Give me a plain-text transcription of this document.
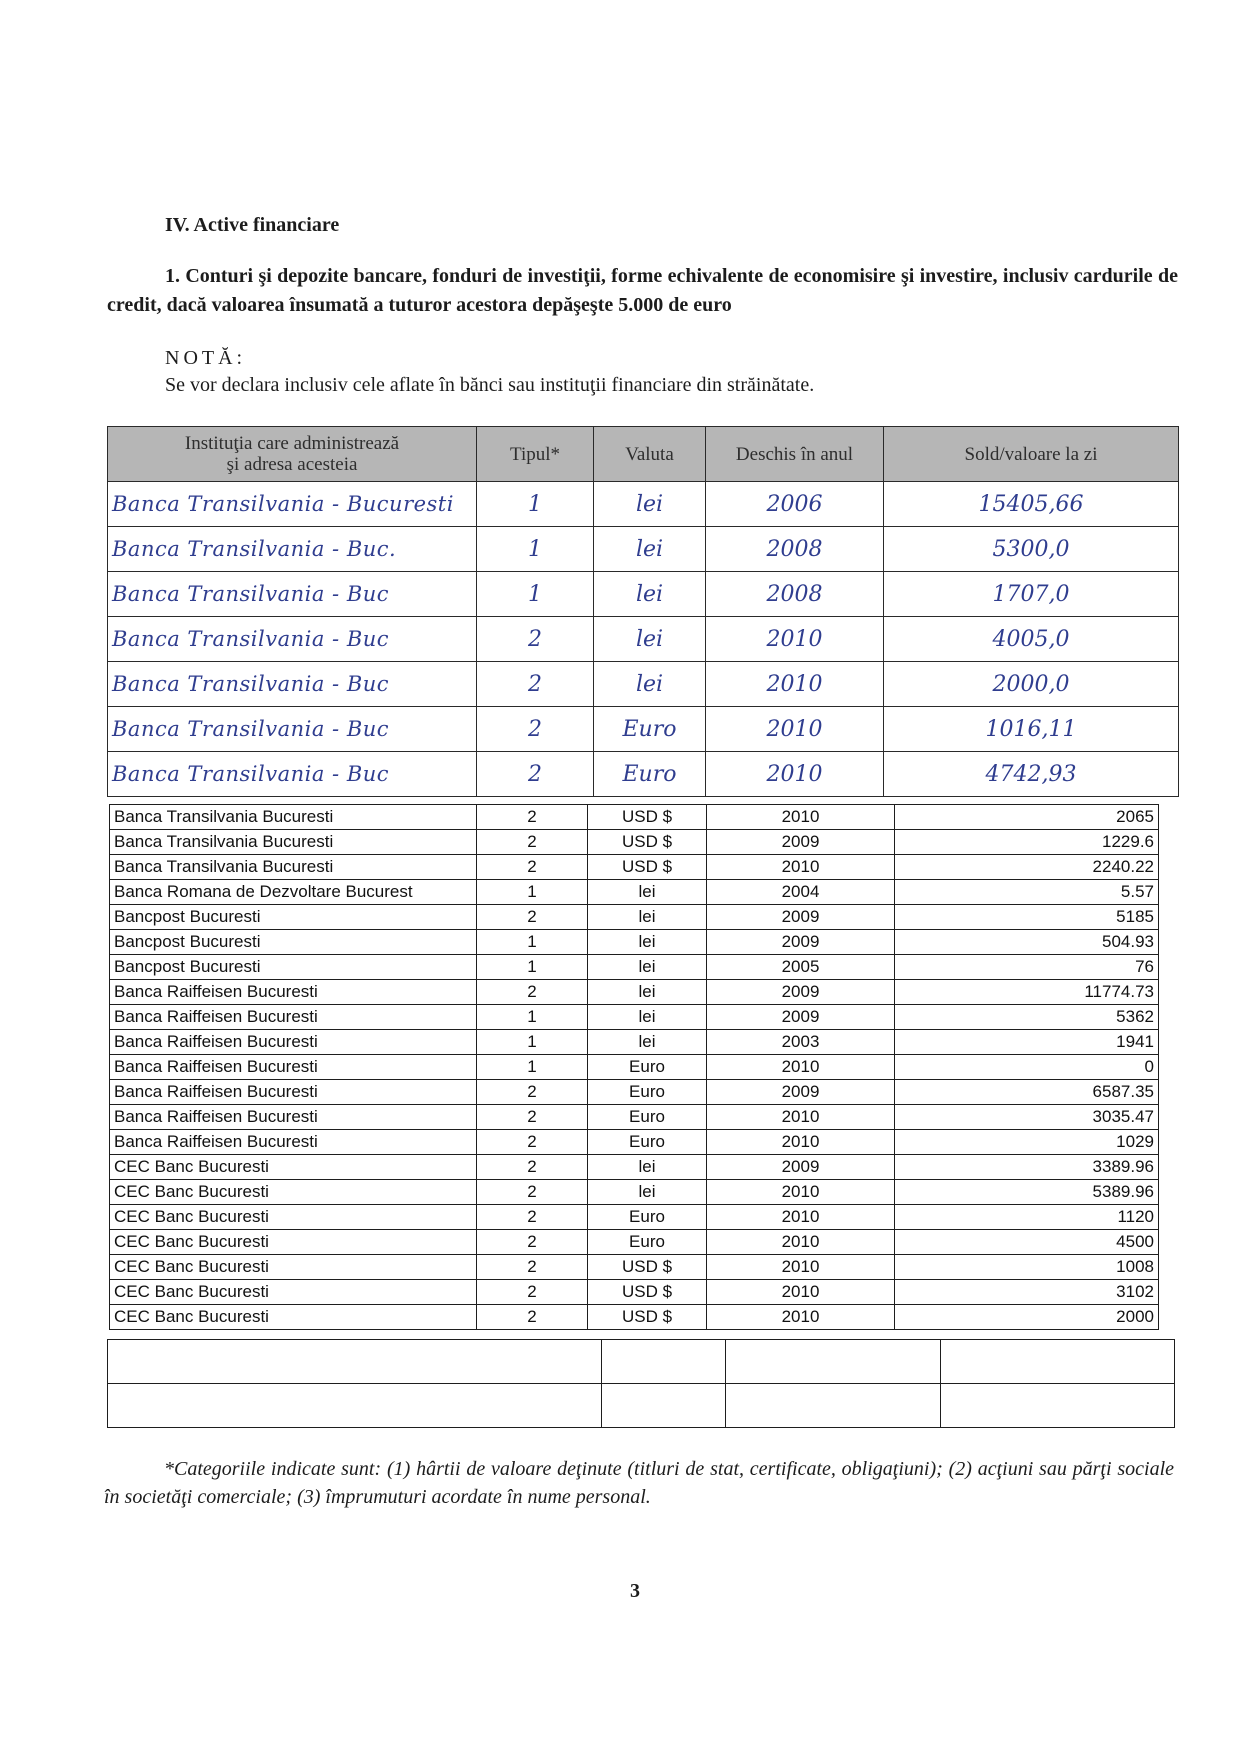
IV. Active financiare

1. Conturi şi depozite bancare, fonduri de investiţii, forme echivalente de economisire şi investire, inclusiv cardurile de credit, dacă valoarea însumată a tuturor acestora depăşeşte 5.000 de euro

NOTĂ:
Se vor declara inclusiv cele aflate în bănci sau instituţii financiare din străinătate.
Instituţia care administrează
şi adresa acesteia	Tipul*	Valuta	Deschis în anul	Sold/valoare la zi
Banca Transilvania - Bucuresti	1	lei	2006	15405,66
Banca Transilvania - Buc.	1	lei	2008	5300,0
Banca Transilvania - Buc	1	lei	2008	1707,0
Banca Transilvania - Buc	2	lei	2010	4005,0
Banca Transilvania - Buc	2	lei	2010	2000,0
Banca Transilvania - Buc	2	Euro	2010	1016,11
Banca Transilvania - Buc	2	Euro	2010	4742,93
Banca Transilvania Bucuresti	2	USD $	2010	2065
Banca Transilvania Bucuresti	2	USD $	2009	1229.6
Banca Transilvania Bucuresti	2	USD $	2010	2240.22
Banca Romana de Dezvoltare Bucurest	1	lei	2004	5.57
Bancpost Bucuresti	2	lei	2009	5185
Bancpost Bucuresti	1	lei	2009	504.93
Bancpost Bucuresti	1	lei	2005	76
Banca Raiffeisen Bucuresti	2	lei	2009	11774.73
Banca Raiffeisen Bucuresti	1	lei	2009	5362
Banca Raiffeisen Bucuresti	1	lei	2003	1941
Banca Raiffeisen Bucuresti	1	Euro	2010	0
Banca Raiffeisen Bucuresti	2	Euro	2009	6587.35
Banca Raiffeisen Bucuresti	2	Euro	2010	3035.47
Banca Raiffeisen Bucuresti	2	Euro	2010	1029
CEC Banc Bucuresti	2	lei	2009	3389.96
CEC Banc Bucuresti	2	lei	2010	5389.96
CEC Banc Bucuresti	2	Euro	2010	1120
CEC Banc Bucuresti	2	Euro	2010	4500
CEC Banc Bucuresti	2	USD $	2010	1008
CEC Banc Bucuresti	2	USD $	2010	3102
CEC Banc Bucuresti	2	USD $	2010	2000

*Categoriile indicate sunt: (1) hârtii de valoare deţinute (titluri de stat, certificate, obligaţiuni); (2) acţiuni sau părţi sociale în societăţi comerciale; (3) împrumuturi acordate în nume personal.

3
